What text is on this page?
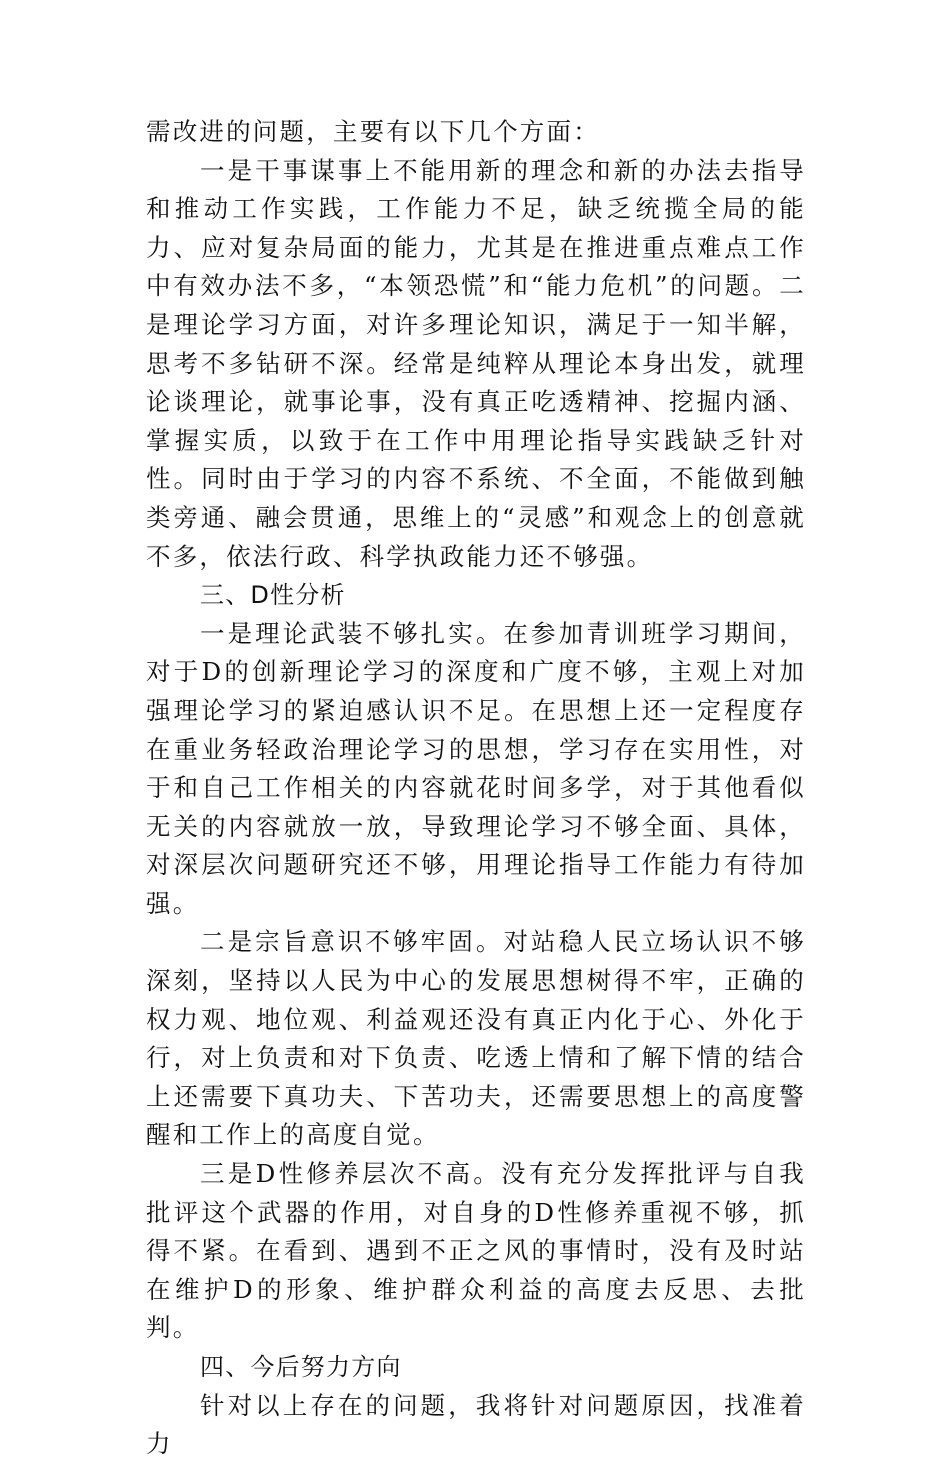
需改进的问题，主要有以下几个方面：

一是干事谋事上不能用新的理念和新的办法去指导和推动工作实践，工作能力不足，缺乏统揽全局的能力、应对复杂局面的能力，尤其是在推进重点难点工作中有效办法不多，“本领恐慌”和“能力危机”的问题。二是理论学习方面，对许多理论知识，满足于一知半解，思考不多钻研不深。经常是纯粹从理论本身出发，就理论谈理论，就事论事，没有真正吃透精神、挖掘内涵、掌握实质，以致于在工作中用理论指导实践缺乏针对性。同时由于学习的内容不系统、不全面，不能做到触类旁通、融会贯通，思维上的“灵感”和观念上的创意就不多，依法行政、科学执政能力还不够强。

三、D性分析

一是理论武装不够扎实。在参加青训班学习期间，对于D的创新理论学习的深度和广度不够，主观上对加强理论学习的紧迫感认识不足。在思想上还一定程度存在重业务轻政治理论学习的思想，学习存在实用性，对于和自己工作相关的内容就花时间多学，对于其他看似无关的内容就放一放，导致理论学习不够全面、具体，对深层次问题研究还不够，用理论指导工作能力有待加强。

二是宗旨意识不够牢固。对站稳人民立场认识不够深刻，坚持以人民为中心的发展思想树得不牢，正确的权力观、地位观、利益观还没有真正内化于心、外化于行，对上负责和对下负责、吃透上情和了解下情的结合上还需要下真功夫、下苦功夫，还需要思想上的高度警醒和工作上的高度自觉。

三是D性修养层次不高。没有充分发挥批评与自我批评这个武器的作用，对自身的D性修养重视不够，抓得不紧。在看到、遇到不正之风的事情时，没有及时站在维护D的形象、维护群众利益的高度去反思、去批判。

四、今后努力方向

针对以上存在的问题，我将针对问题原因，找准着力
